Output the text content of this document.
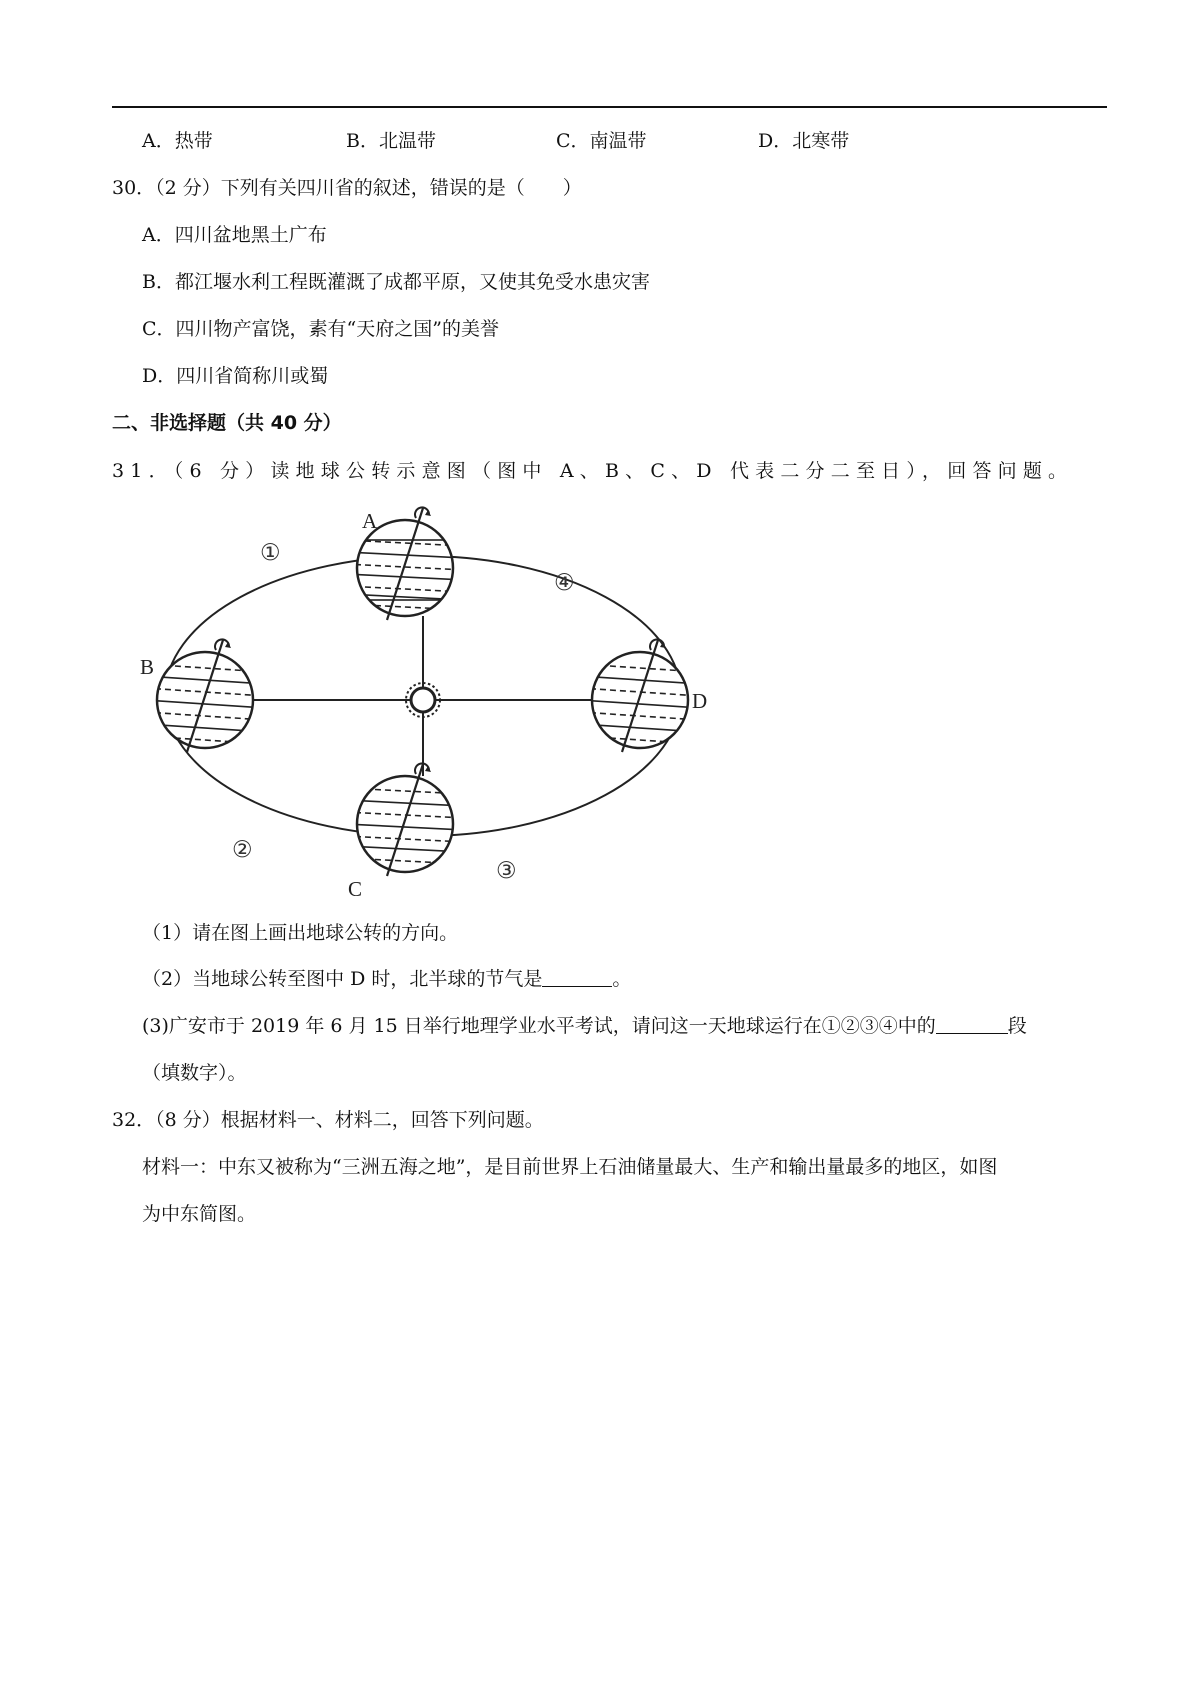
A．热带	B．北温带	C．南温带	D．北寒带
30．（2 分）下列有关四川省的叙述，错误的是（　　）
A．四川盆地黑土广布
B．都江堰水利工程既灌溉了成都平原，又使其免受水患灾害
C．四川物产富饶，素有“天府之国”的美誉
D．四川省简称川或蜀
二、非选择题（共 40 分）
31．（6 分）读地球公转示意图（图中 A、B、C、D 代表二分二至日），回答问题。
A
B
C
D
①
②
③
④
（1）请在图上画出地球公转的方向。
（2）当地球公转至图中 D 时，北半球的节气是	。
(3)广安市于 2019 年 6 月 15 日举行地理学业水平考试，请问这一天地球运行在①②③④中的	段
（填数字）。
32．（8 分）根据材料一、材料二，回答下列问题。
材料一：中东又被称为“三洲五海之地”，是目前世界上石油储量最大、生产和输出量最多的地区，如图
为中东简图。
